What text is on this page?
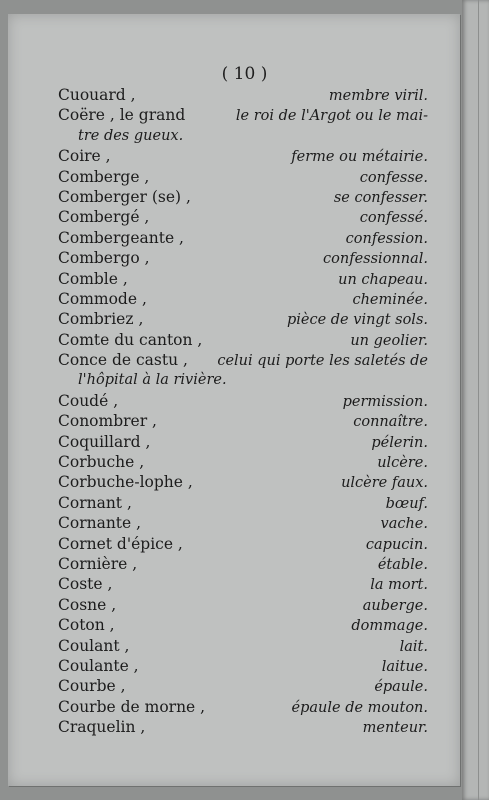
( 10 )
Cuouard ,	membre viril.
Coëre , le grand	le roi de l'Argot ou le mai-
tre des gueux.
Coire ,	ferme ou métairie.
Comberge ,	confesse.
Comberger (se) ,	se confesser.
Combergé ,	confessé.
Combergeante ,	confession.
Combergo ,	confessionnal.
Comble ,	un chapeau.
Commode ,	cheminée.
Combriez ,	pièce de vingt sols.
Comte du canton ,	un geolier.
Conce de castu , celui qui porte les saletés de
l'hôpital à la rivière.
Coudé ,	permission.
Conombrer ,	connaître.
Coquillard ,	pélerin.
Corbuche ,	ulcère.
Corbuche-lophe ,	ulcère faux.
Cornant ,	bœuf.
Cornante ,	vache.
Cornet d'épice ,	capucin.
Cornière ,	étable.
Coste ,	la mort.
Cosne ,	auberge.
Coton ,	dommage.
Coulant ,	lait.
Coulante ,	laitue.
Courbe ,	épaule.
Courbe de morne ,	épaule de mouton.
Craquelin ,	menteur.
